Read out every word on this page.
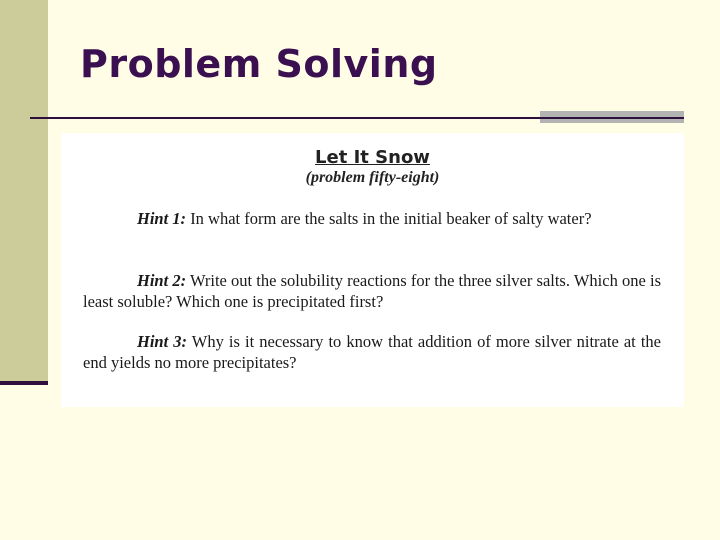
Problem Solving
Let It Snow
(problem fifty-eight)

Hint 1: In what form are the salts in the initial beaker of salty water?

Hint 2: Write out the solubility reactions for the three silver salts. Which one is least soluble? Which one is precipitated first?

Hint 3: Why is it necessary to know that addition of more silver nitrate at the end yields no more precipitates?
